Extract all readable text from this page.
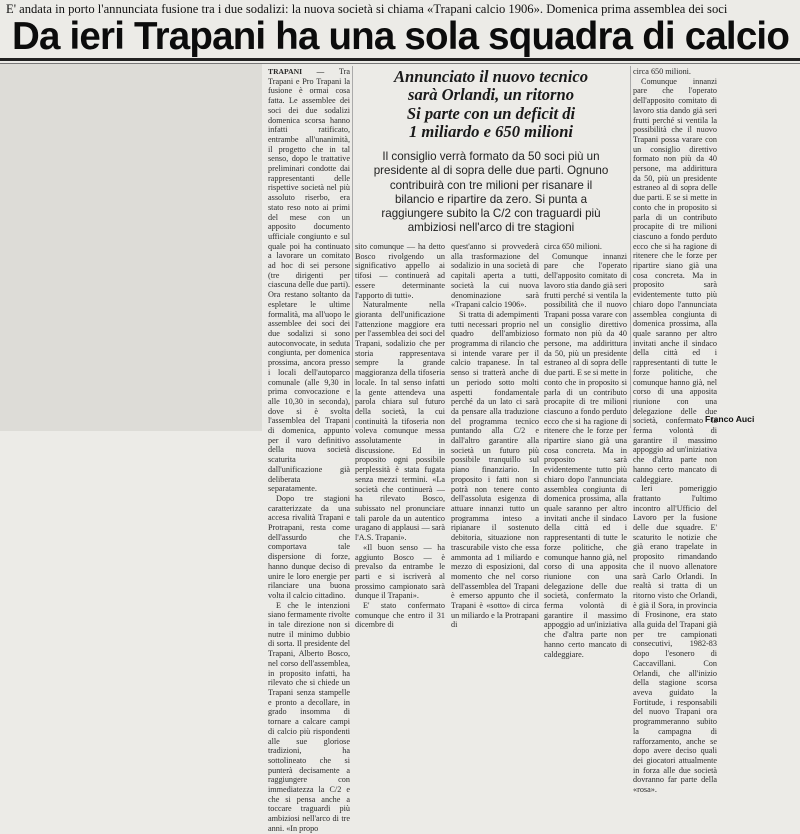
E' andata in porto l'annunciata fusione tra i due sodalizi: la nuova società si chiama «Trapani calcio 1906». Domenica prima assemblea dei soci
Da ieri Trapani ha una sola squadra di calcio

TRAPANI — Tra Trapani e Pro Trapani la fusione è ormai cosa fatta. Le assemblee dei soci dei due sodalizi domenica scorsa hanno infatti ratificato, entrambe all'unanimità, il progetto che in tal senso, dopo le trattative preliminari condotte dai rappresentanti delle rispettive società nel più assoluto riserbo, era stato reso noto ai primi del mese con un apposito documento ufficiale congiunto e sul quale poi ha continuato a lavorare un comitato ad hoc di sei persone (tre dirigenti per ciascuna delle due parti). Ora restano soltanto da espletare le ultime formalità, ma all'uopo le assemblee dei soci dei due sodalizi si sono autoconvocate, in seduta congiunta, per domenica prossima, ancora presso i locali dell'autoparco comunale (alle 9,30 in prima convocazione e alle 10,30 in seconda), dove si è svolta l'assemblea del Trapani di domenica, appunto per il varo definitivo della nuova società scaturita dall'unificazione già deliberata separatamente.

Dopo tre stagioni caratterizzate da una accesa rivalità Trapani e Protrapani, resta come dell'assurdo che comportava tale dispersione di forze, hanno dunque deciso di unire le loro energie per rilanciare una buona volta il calcio cittadino.

E che le intenzioni siano fermamente rivolte in tale direzione non si nutre il minimo dubbio di sorta. Il presidente del Trapani, Alberto Bosco, nel corso dell'assemblea, in proposito infatti, ha rilevato che si chiede un Trapani senza stampelle e pronto a decollare, in grado insomma di tornare a calcare campi di calcio più rispondenti alle sue gloriose tradizioni, ha sottolineato che si punterà decisamente a raggiungere con immediatezza la C/2 e che si pensa anche a toccare traguardi più ambiziosi nell'arco di tre anni. «In propo

Annunciato il nuovo tecnico
sarà Orlandi, un ritorno
Si parte con un deficit di
1 miliardo e 650 milioni
Il consiglio verrà formato da 50 soci più un
presidente al di sopra delle due parti. Ognuno
contribuirà con tre milioni per risanare il
bilancio e ripartire da zero. Si punta a
raggiungere subito la C/2 con traguardi più
ambiziosi nell'arco di tre stagioni

sito comunque — ha detto Bosco rivolgendo un significativo appello ai tifosi — continuerà ad essere determinante l'apporto di tutti».

Naturalmente nella gioranta dell'unificazione l'attenzione maggiore era per l'assemblea dei soci del Trapani, sodalizio che per storia rappresentava sempre la grande maggioranza della tifoseria locale. In tal senso infatti la gente attendeva una parola chiara sul futuro della società, la cui continuità la tifoseria non voleva comunque messa assolutamente in discussione. Ed in proposito ogni possibile perplessità è stata fugata senza mezzi termini. «La società che continuerà — ha rilevato Bosco, subissato nel pronunciare tali parole da un autentico uragano di applausi — sarà l'A.S. Trapani».

«Il buon senso — ha aggiunto Bosco — è prevalso da entrambe le parti e si iscriverà al prossimo campionato sarà dunque il Trapani».

E' stato confermato comunque che entro il 31 dicembre di

quest'anno si provvederà alla trasformazione del sodalizio in una società di capitali aperta a tutti, società la cui nuova denominazione sarà «Trapani calcio 1906».

Si tratta di adempimenti tutti necessari proprio nel quadro dell'ambizioso programma di rilancio che si intende varare per il calcio trapanese. In tal senso si tratterà anche di un periodo sotto molti aspetti fondamentale perché da un lato ci sarà da pensare alla traduzione del programma tecnico puntando alla C/2 e dall'altro garantire alla società un futuro più possibile tranquillo sul piano finanziario. In proposito i fatti non si potrà non tenere conto dell'assoluta esigenza di attuare innanzi tutto un programma inteso a ripianare il sostenuto debitoria, situazione non trascurabile visto che essa ammonta ad 1 miliardo e mezzo di esposizioni, dal momento che nel corso dell'assemblea del Trapani è emerso appunto che il Trapani è «sotto» di circa un miliardo e la Protrapani di

circa 650 milioni.

Comunque innanzi pare che l'operato dell'apposito comitato di lavoro stia dando già seri frutti perché si ventila la possibilità che il nuovo Trapani possa varare con un consiglio direttivo formato non più da 40 persone, ma addirittura da 50, più un presidente estraneo al di sopra delle due parti. E se si mette in conto che in proposito si parla di un contributo procapite di tre milioni ciascuno a fondo perduto ecco che si ha ragione di ritenere che le forze per ripartire siano già una cosa concreta. Ma in proposito sarà evidentemente tutto più chiaro dopo l'annunciata assemblea congiunta di domenica prossima, alla quale saranno per altro invitati anche il sindaco della città ed i rappresentanti di tutte le forze politiche, che comunque hanno già, nel corso di una apposita riunione con una delegazione delle due società, confermato la ferma volontà di garantire il massimo appoggio ad un'iniziativa che d'altra parte non hanno certo mancato di caldeggiare.

circa 650 milioni.

Comunque innanzi pare che l'operato dell'apposito comitato di lavoro stia dando già seri frutti perché si ventila la possibilità che il nuovo Trapani possa varare con un consiglio direttivo formato non più da 40 persone, ma addirittura da 50, più un presidente estraneo al di sopra delle due parti. E se si mette in conto che in proposito si parla di un contributo procapite di tre milioni ciascuno a fondo perduto ecco che si ha ragione di ritenere che le forze per ripartire siano già una cosa concreta. Ma in proposito sarà evidentemente tutto più chiaro dopo l'annunciata assemblea congiunta di domenica prossima, alla quale saranno per altro invitati anche il sindaco della città ed i rappresentanti di tutte le forze politiche, che comunque hanno già, nel corso di una apposita riunione con una delegazione delle due società, confermato la ferma volontà di garantire il massimo appoggio ad un'iniziativa che d'altra parte non hanno certo mancato di caldeggiare.

Ieri pomeriggio frattanto l'ultimo incontro all'Ufficio del Lavoro per la fusione delle due squadre. E' scaturito le notizie che già erano trapelate in proposito rimandando che il nuovo allenatore sarà Carlo Orlandi. In realtà si tratta di un ritorno visto che Orlandi, è già il Sora, in provincia di Frosinone, era stato alla guida del Trapani già per tre campionati consecutivi, 1982-83 dopo l'esonero di Caccavillani. Con Orlandi, che all'inizio della stagione scorsa aveva guidato la Fortitude, i responsabili del nuovo Trapani ora programmeranno subito la campagna di rafforzamento, anche se dopo avere deciso quali dei giocatori attualmente in forza alle due società dovranno far parte della «rosa».

Franco Auci
